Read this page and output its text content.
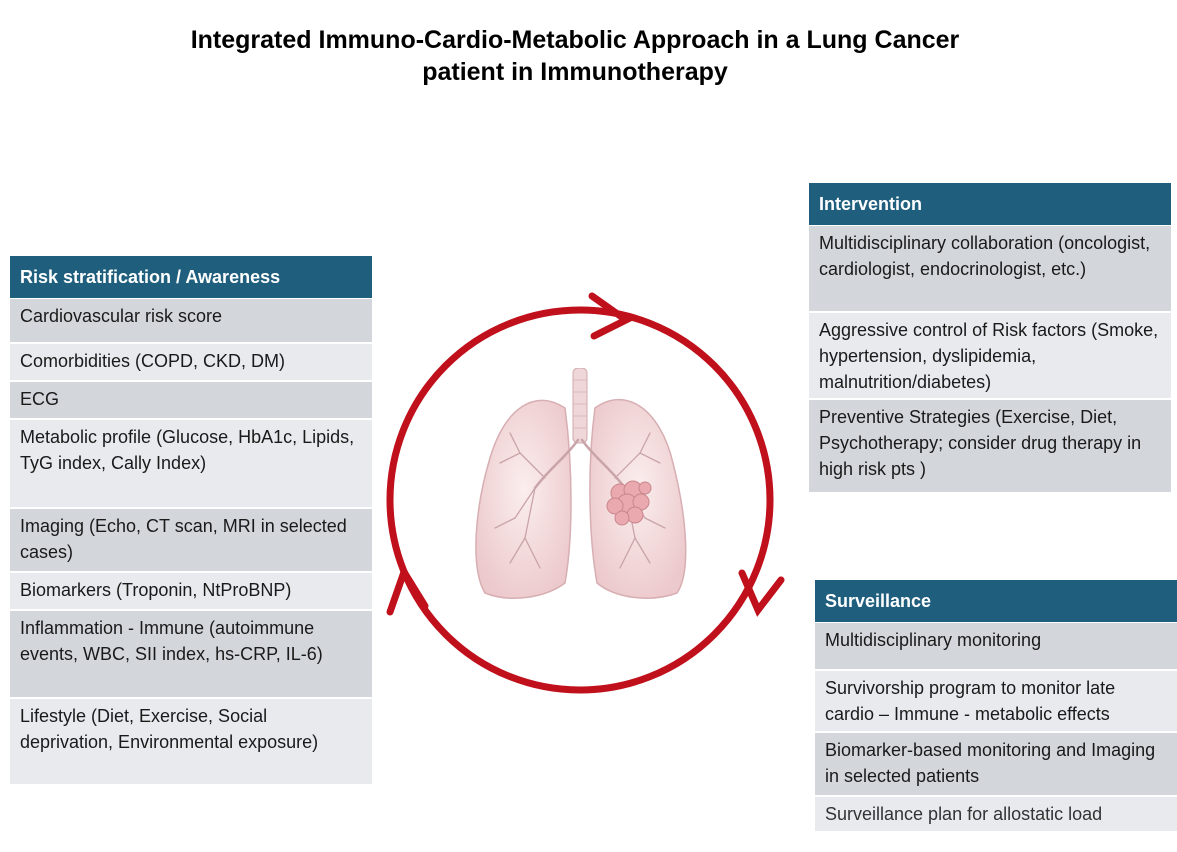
Integrated Immuno-Cardio-Metabolic Approach in a Lung Cancer
patient in Immunotherapy
Risk stratification / Awareness
Cardiovascular risk score
Comorbidities (COPD, CKD, DM)
ECG
Metabolic profile (Glucose, HbA1c, Lipids, TyG index, Cally Index)
Imaging (Echo, CT scan, MRI in selected cases)
Biomarkers (Troponin, NtProBNP)
Inflammation - Immune (autoimmune events, WBC, SII index, hs-CRP, IL-6)
Lifestyle (Diet, Exercise, Social deprivation, Environmental exposure)
Intervention
Multidisciplinary collaboration (oncologist, cardiologist, endocrinologist, etc.)
Aggressive control of Risk factors (Smoke, hypertension, dyslipidemia, malnutrition/diabetes)
Preventive Strategies (Exercise, Diet, Psychotherapy; consider drug therapy in high risk pts )
Surveillance
Multidisciplinary monitoring
Survivorship program to monitor late cardio – Immune - metabolic effects
Biomarker-based monitoring and Imaging in selected patients
Surveillance plan for allostatic load
